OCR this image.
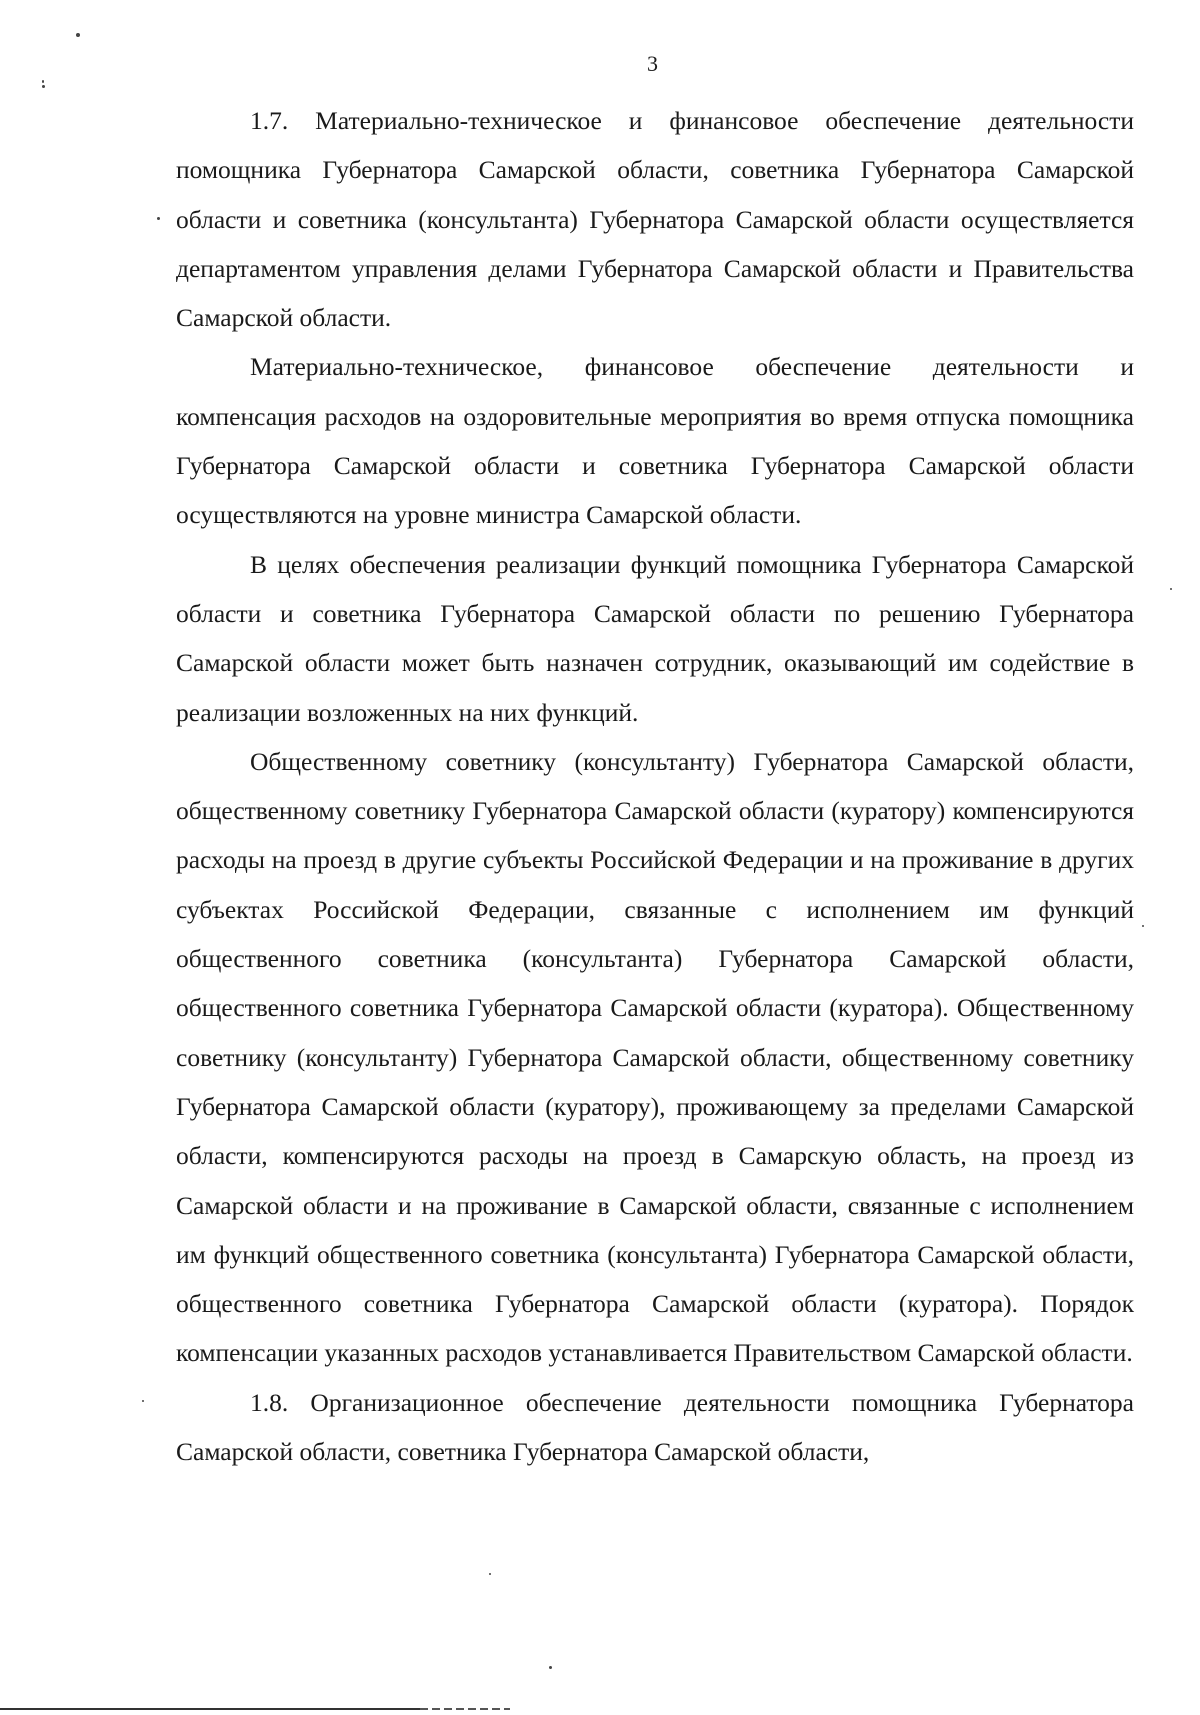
3

1.7. Материально-техническое и финансовое обеспечение деятельности помощника Губернатора Самарской области, советника Губернатора Самарской области и советника (консультанта) Губернатора Самарской области осуществляется департаментом управления делами Губернатора Самарской области и Правительства Самарской области.

Материально-техническое, финансовое обеспечение деятельности и компенсация расходов на оздоровительные мероприятия во время отпуска помощника Губернатора Самарской области и советника Губернатора Самарской области осуществляются на уровне министра Самарской области.

В целях обеспечения реализации функций помощника Губернатора Самарской области и советника Губернатора Самарской области по решению Губернатора Самарской области может быть назначен сотрудник, оказывающий им содействие в реализации возложенных на них функций.

Общественному советнику (консультанту) Губернатора Самарской области, общественному советнику Губернатора Самарской области (куратору) компенсируются расходы на проезд в другие субъекты Российской Федерации и на проживание в других субъектах Российской Федерации, связанные с исполнением им функций общественного советника (консультанта) Губернатора Самарской области, общественного советника Губернатора Самарской области (куратора). Общественному советнику (консультанту) Губернатора Самарской области, общественному советнику Губернатора Самарской области (куратору), проживающему за пределами Самарской области, компенсируются расходы на проезд в Самарскую область, на проезд из Самарской области и на проживание в Самарской области, связанные с исполнением им функций общественного советника (консультанта) Губернатора Самарской области, общественного советника Губернатора Самарской области (куратора). Порядок компенсации указанных расходов устанавливается Правительством Самарской области.

1.8. Организационное обеспечение деятельности помощника Губернатора Самарской области, советника Губернатора Самарской области,
